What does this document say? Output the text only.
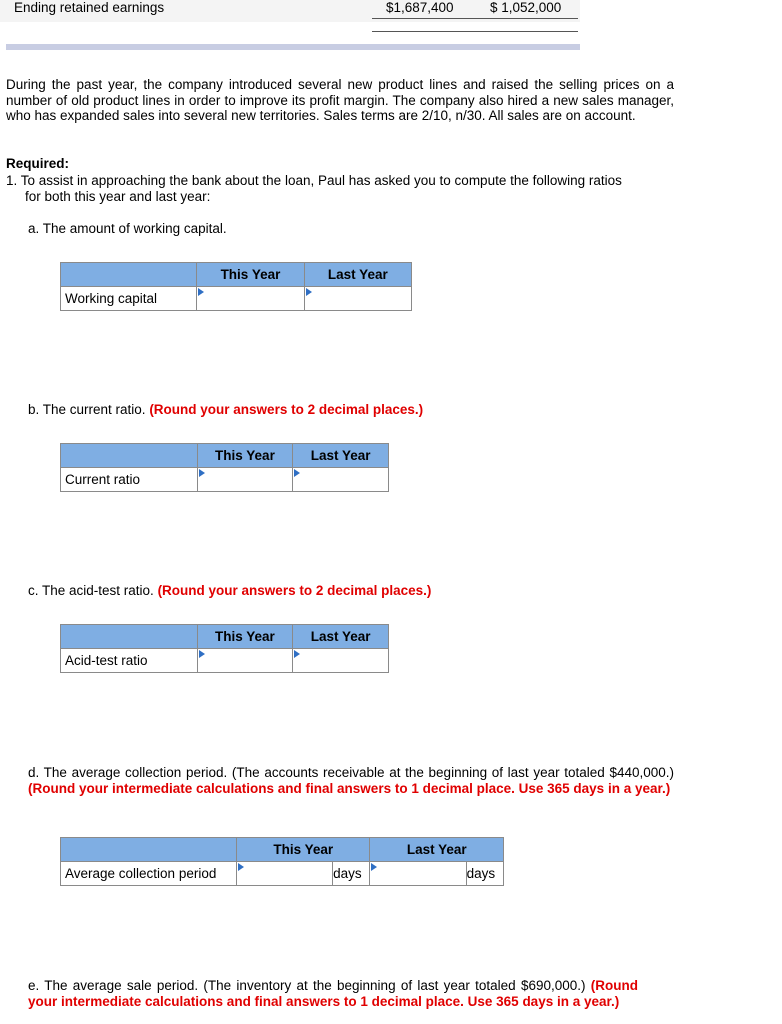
Ending retained earnings	$1,687,400	$ 1,052,000
During the past year, the company introduced several new product lines and raised the selling prices on a number of old product lines in order to improve its profit margin. The company also hired a new sales manager, who has expanded sales into several new territories. Sales terms are 2/10, n/30. All sales are on account.
Required:
1. To assist in approaching the bank about the loan, Paul has asked you to compute the following ratios
for both this year and last year:
a. The amount of working capital.
	This Year	Last Year
Working capital	

b. The current ratio. (Round your answers to 2 decimal places.)
	This Year	Last Year
Current ratio	

c. The acid-test ratio. (Round your answers to 2 decimal places.)
	This Year	Last Year
Acid-test ratio	

d. The average collection period. (The accounts receivable at the beginning of last year totaled $440,000.) (Round your intermediate calculations and final answers to 1 decimal place. Use 365 days in a year.)
	This Year		Last Year	
Average collection period		days		days
e. The average sale period. (The inventory at the beginning of last year totaled $690,000.) (Round your intermediate calculations and final answers to 1 decimal place. Use 365 days in a year.)
